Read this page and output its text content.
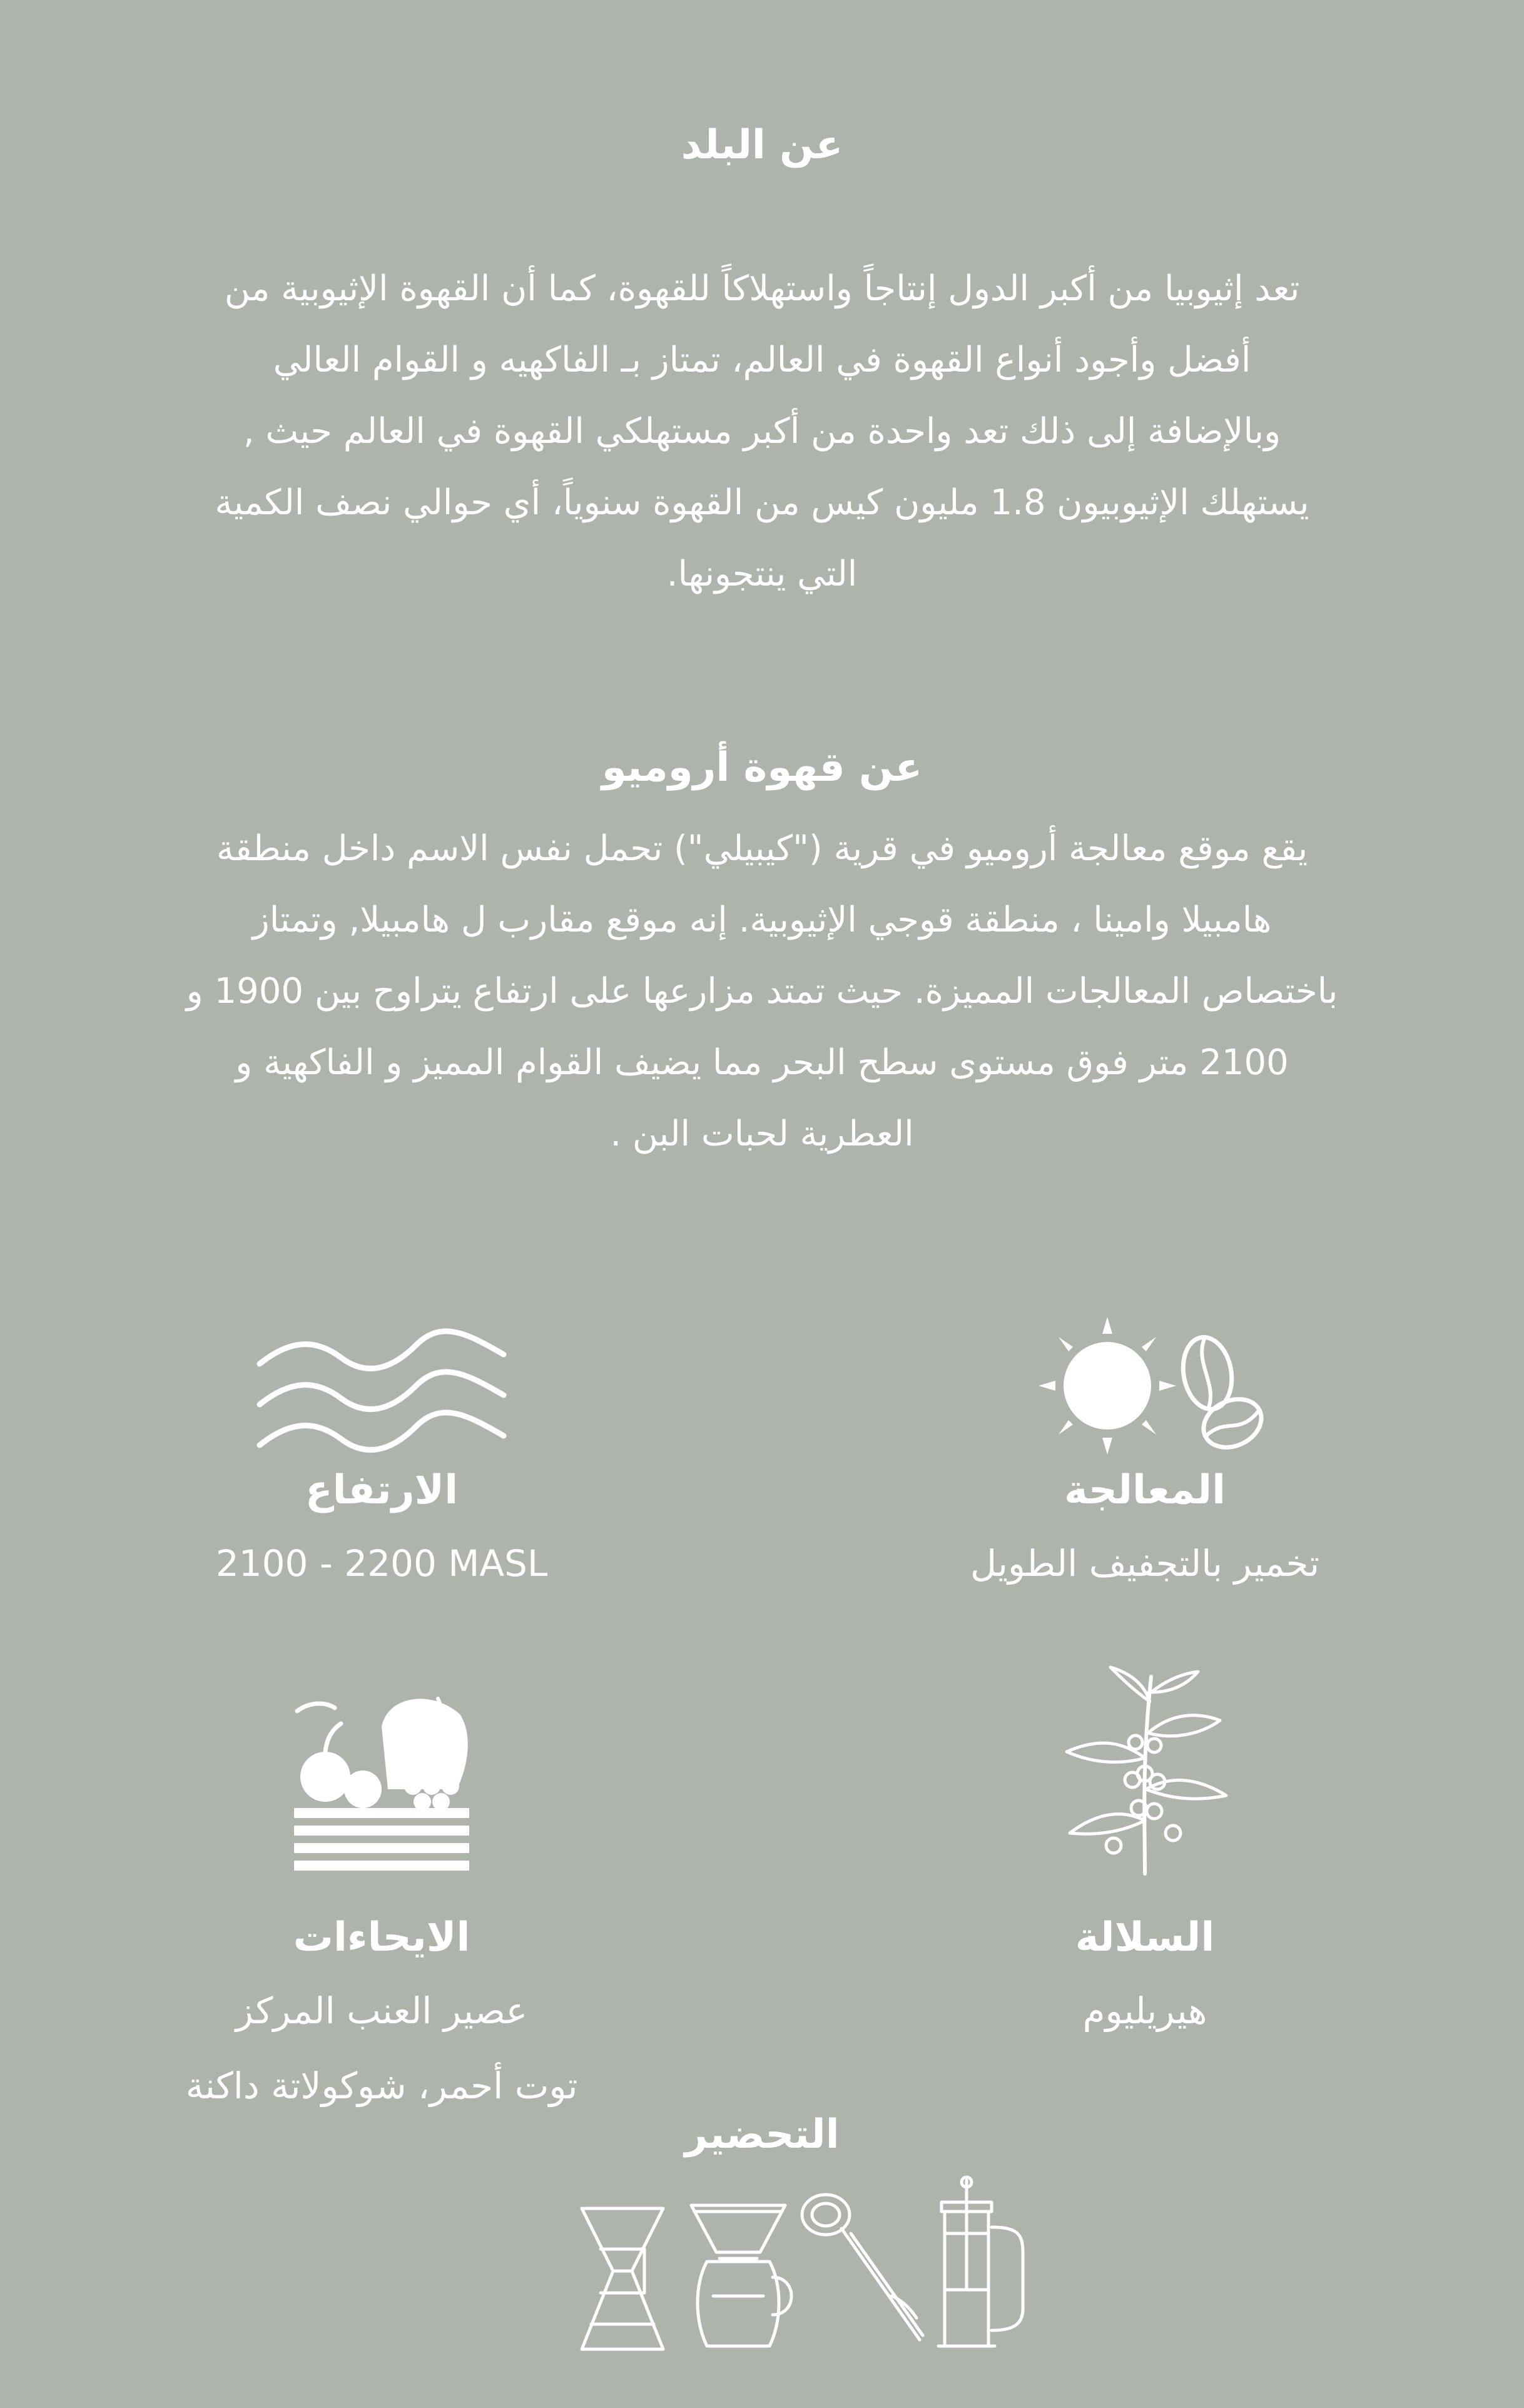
عن البلد
تعد إثيوبيا من أكبر الدول إنتاجاً واستهلاكاً للقهوة، كما أن القهوة الإثيوبية من
أفضل وأجود أنواع القهوة في العالم، تمتاز بـ الفاكهيه و القوام العالي
وبالإضافة إلى ذلك تعد واحدة من أكبر مستهلكي القهوة في العالم حيث ,
يستهلك الإثيوبيون 1.8 مليون كيس من القهوة سنوياً، أي حوالي نصف الكمية
التي ينتجونها.
عن قهوة أروميو
يقع موقع معالجة أروميو في قرية ("كيبيلي") تحمل نفس الاسم داخل منطقة
هامبيلا وامينا ، منطقة قوجي الإثيوبية. إنه موقع مقارب ل هامبيلا, وتمتاز
باختصاص المعالجات المميزة. حيث تمتد مزارعها على ارتفاع يتراوح بين 1900 و
2100 متر فوق مستوى سطح البحر مما يضيف القوام المميز و الفاكهية و
العطرية لحبات البن .
الارتفاع
2100 - 2200 MASL
المعالجة
تخمير بالتجفيف الطويل
الايحاءات
عصير العنب المركز
توت أحمر، شوكولاتة داكنة
السلالة
هيريليوم
التحضير
